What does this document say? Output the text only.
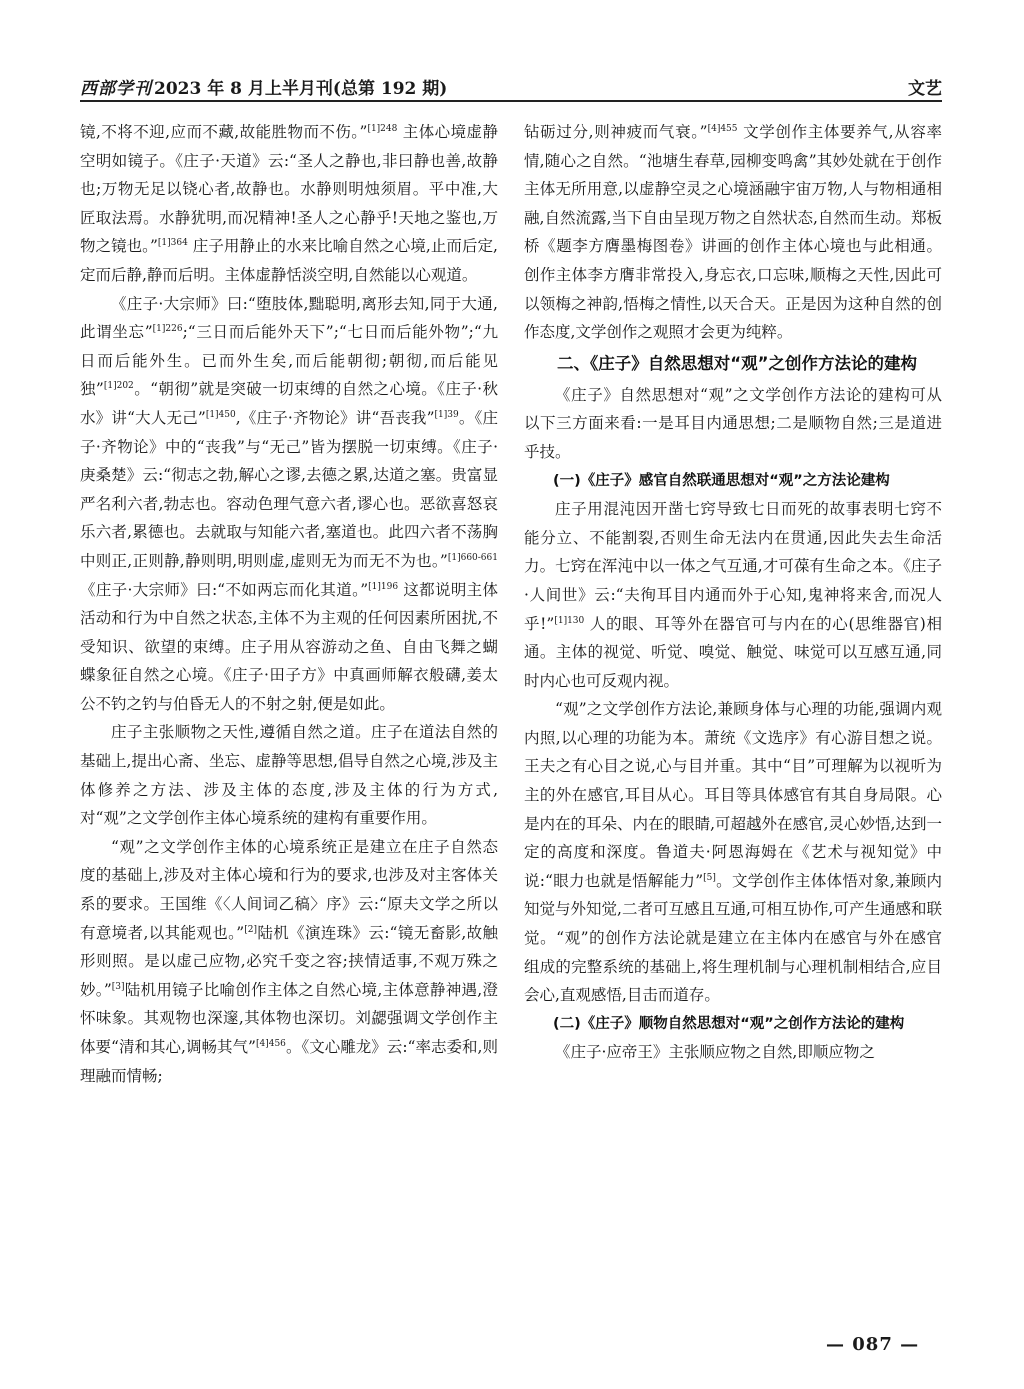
西部学刊 2023 年 8 月上半月刊(总第 192 期)	文艺

镜,不将不迎,应而不藏,故能胜物而不伤。”$^{[1]248}$ 主体心境虚静空明如镜子。《庄子·天道》云:“圣人之静也,非曰静也善,故静也;万物无足以铙心者,故静也。水静则明烛须眉。平中准,大匠取法焉。水静犹明,而况精神!圣人之心静乎!天地之鉴也,万物之镜也。”$^{[1]364}$ 庄子用静止的水来比喻自然之心境,止而后定,定而后静,静而后明。主体虚静恬淡空明,自然能以心观道。

《庄子·大宗师》曰:“堕肢体,黜聪明,离形去知,同于大通,此谓坐忘”$^{[1]226}$;“三日而后能外天下”;“七日而后能外物”;“九日而后能外生。已而外生矣,而后能朝彻;朝彻,而后能见独”$^{[1]202}$。“朝彻”就是突破一切束缚的自然之心境。《庄子·秋水》讲“大人无己”$^{[1]450}$,《庄子·齐物论》讲“吾丧我”$^{[1]39}$。《庄子·齐物论》中的“丧我”与“无己”皆为摆脱一切束缚。《庄子·庚桑楚》云:“彻志之勃,解心之谬,去德之累,达道之塞。贵富显严名利六者,勃志也。容动色理气意六者,谬心也。恶欲喜怒哀乐六者,累德也。去就取与知能六者,塞道也。此四六者不荡胸中则正,正则静,静则明,明则虚,虚则无为而无不为也。”$^{[1]660-661}$《庄子·大宗师》曰:“不如两忘而化其道。”$^{[1]196}$ 这都说明主体活动和行为中自然之状态,主体不为主观的任何因素所困扰,不受知识、欲望的束缚。庄子用从容游动之鱼、自由飞舞之蝴蝶象征自然之心境。《庄子·田子方》中真画师解衣般礴,姜太公不钓之钓与伯昏无人的不射之射,便是如此。

庄子主张顺物之天性,遵循自然之道。庄子在道法自然的基础上,提出心斋、坐忘、虚静等思想,倡导自然之心境,涉及主体修养之方法、涉及主体的态度,涉及主体的行为方式,对“观”之文学创作主体心境系统的建构有重要作用。

“观”之文学创作主体的心境系统正是建立在庄子自然态度的基础上,涉及对主体心境和行为的要求,也涉及对主客体关系的要求。王国维《〈人间词乙稿〉序》云:“原夫文学之所以有意境者,以其能观也。”[2]陆机《演连珠》云:“镜无畜影,故触形则照。是以虚己应物,必究千变之容;挟情适事,不观万殊之妙。”[3]陆机用镜子比喻创作主体之自然心境,主体意静神遇,澄怀味象。其观物也深邃,其体物也深切。刘勰强调文学创作主体要“清和其心,调畅其气”$^{[4]456}$。《文心雕龙》云:“率志委和,则理融而情畅;

钻砺过分,则神疲而气衰。”$^{[4]455}$ 文学创作主体要养气,从容率情,随心之自然。“池塘生春草,园柳变鸣禽”其妙处就在于创作主体无所用意,以虚静空灵之心境涵融宇宙万物,人与物相通相融,自然流露,当下自由呈现万物之自然状态,自然而生动。郑板桥《题李方膺墨梅图卷》讲画的创作主体心境也与此相通。创作主体李方膺非常投入,身忘衣,口忘味,顺梅之天性,因此可以领梅之神韵,悟梅之情性,以天合天。正是因为这种自然的创作态度,文学创作之观照才会更为纯粹。

二、《庄子》自然思想对“观”之创作方法论的建构

《庄子》自然思想对“观”之文学创作方法论的建构可从以下三方面来看:一是耳目内通思想;二是顺物自然;三是道进乎技。

(一)《庄子》感官自然联通思想对“观”之方法论建构

庄子用混沌因开凿七窍导致七日而死的故事表明七窍不能分立、不能割裂,否则生命无法内在贯通,因此失去生命活力。七窍在浑沌中以一体之气互通,才可葆有生命之本。《庄子·人间世》云:“夫徇耳目内通而外于心知,鬼神将来舍,而况人乎!”$^{[1]130}$ 人的眼、耳等外在器官可与内在的心(思维器官)相通。主体的视觉、听觉、嗅觉、触觉、味觉可以互感互通,同时内心也可反观内视。

“观”之文学创作方法论,兼顾身体与心理的功能,强调内观内照,以心理的功能为本。萧统《文选序》有心游目想之说。王夫之有心目之说,心与目并重。其中“目”可理解为以视听为主的外在感官,耳目从心。耳目等具体感官有其自身局限。心是内在的耳朵、内在的眼睛,可超越外在感官,灵心妙悟,达到一定的高度和深度。鲁道夫·阿恩海姆在《艺术与视知觉》中说:“眼力也就是悟解能力”[5]。文学创作主体体悟对象,兼顾内知觉与外知觉,二者可互感且互通,可相互协作,可产生通感和联觉。“观”的创作方法论就是建立在主体内在感官与外在感官组成的完整系统的基础上,将生理机制与心理机制相结合,应目会心,直观感悟,目击而道存。

(二)《庄子》顺物自然思想对“观”之创作方法论的建构

《庄子·应帝王》主张顺应物之自然,即顺应物之

— 087 —
